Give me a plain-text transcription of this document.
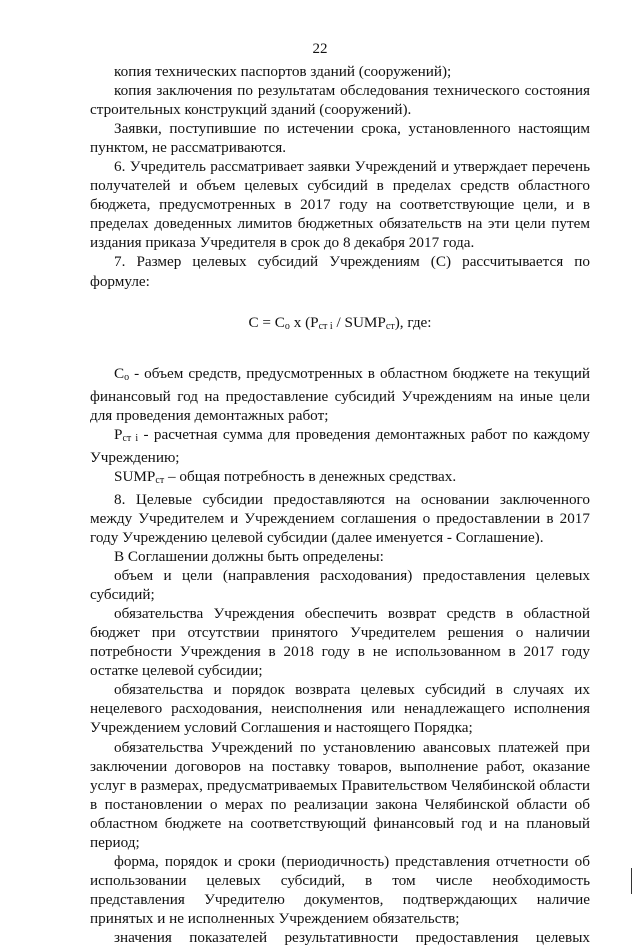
22

копия технических паспортов зданий (сооружений);

копия заключения по результатам обследования технического состояния строительных конструкций зданий (сооружений).

Заявки, поступившие по истечении срока, установленного настоящим пунктом, не рассматриваются.

6. Учредитель рассматривает заявки Учреждений и утверждает перечень получателей и объем целевых субсидий в пределах средств областного бюджета, предусмотренных в 2017 году на соответствующие цели, и в пределах доведенных лимитов бюджетных обязательств на эти цели путем издания приказа Учредителя в срок до 8 декабря 2017 года.

7. Размер целевых субсидий Учреждениям (С) рассчитывается по формуле:

С = Со х (Рст i / SUMPст), где:

$С_о$ - объем средств, предусмотренных в областном бюджете на текущий финансовый год на предоставление субсидий Учреждениям на иные цели для проведения демонтажных работ;

$Р_{ст i}$ - расчетная сумма для проведения демонтажных работ по каждому Учреждению;

$SUMP_{ст}$ – общая потребность в денежных средствах.

8. Целевые субсидии предоставляются на основании заключенного между Учредителем и Учреждением соглашения о предоставлении в 2017 году Учреждению целевой субсидии (далее именуется - Соглашение).

В Соглашении должны быть определены:

объем и цели (направления расходования) предоставления целевых субсидий;

обязательства Учреждения обеспечить возврат средств в областной бюджет при отсутствии принятого Учредителем решения о наличии потребности Учреждения в 2018 году в не использованном в 2017 году остатке целевой субсидии;

обязательства и порядок возврата целевых субсидий в случаях их нецелевого расходования, неисполнения или ненадлежащего исполнения Учреждением условий Соглашения и настоящего Порядка;

обязательства Учреждений по установлению авансовых платежей при заключении договоров на поставку товаров, выполнение работ, оказание услуг в размерах, предусматриваемых Правительством Челябинской области в постановлении о мерах по реализации закона Челябинской области об областном бюджете на соответствующий финансовый год и на плановый период;

форма, порядок и сроки (периодичность) представления отчетности об использовании целевых субсидий, в том числе необходимость представления Учредителю документов, подтверждающих наличие принятых и не исполненных Учреждением обязательств;

значения показателей результативности предоставления целевых
